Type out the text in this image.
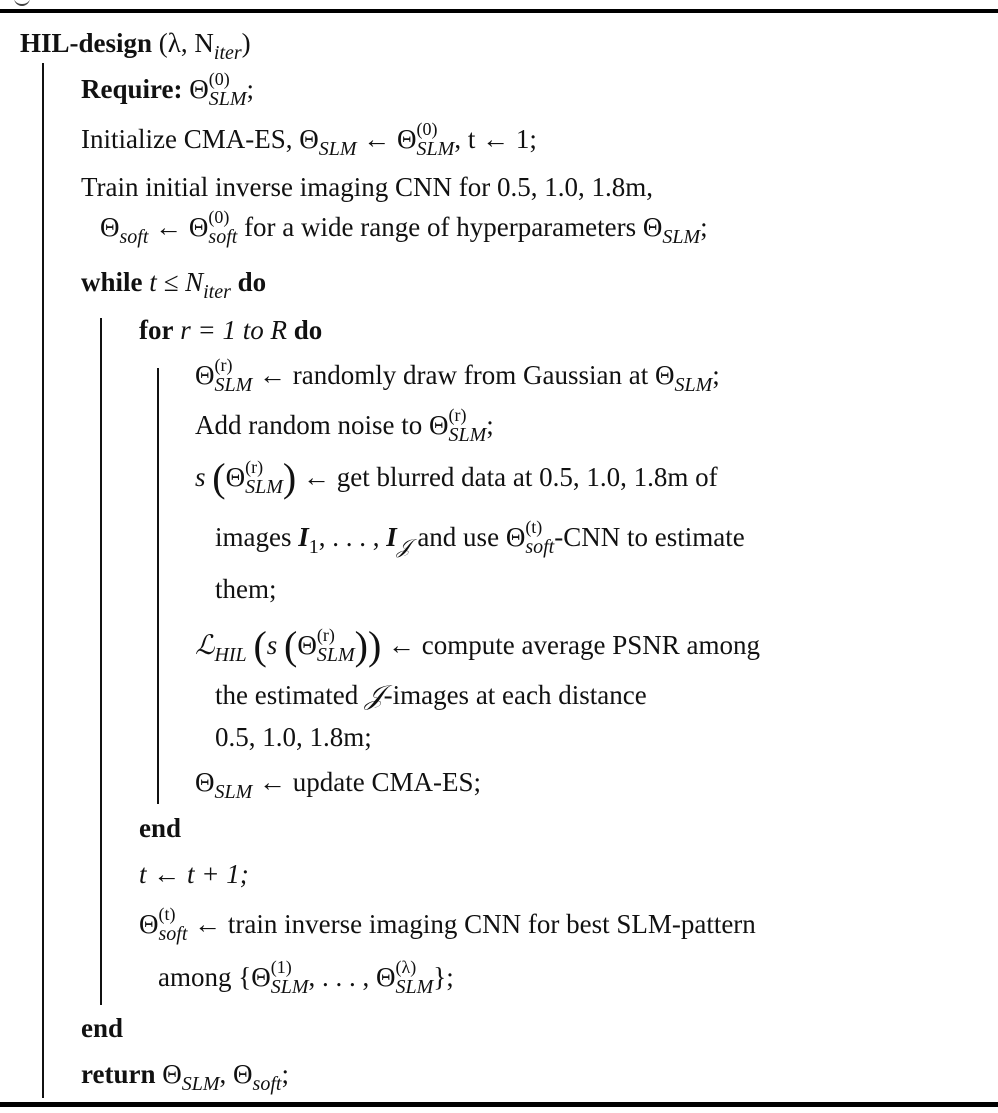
HIL-design (λ, $N_{iter}$)
Require: Θ (0)
SLM ;
Initialize CMA-ES, $\Theta_{SLM}$ ← Θ (0)
SLM , t ← 1;
Train initial inverse imaging CNN for 0.5, 1.0, 1.8m,
$\Theta_{soft}$ ← Θ (0)
soft for a wide range of hyperparameters $\Theta_{SLM}$;
while $t \le N_{iter}$ do
for r = 1 to R do
Θ (r)
SLM ← randomly draw from Gaussian at $\Theta_{SLM}$;
Add random noise to Θ (r)
SLM ;
s (Θ (r)
SLM ) ← get blurred data at 0.5, 1.0, 1.8m of
images $I_1$, . . . , $I_𝒥$ and use Θ (t)
soft -CNN to estimate
them;
ℒ$_{HIL}$ (s (Θ (r)
SLM )) ← compute average PSNR among
the estimated 𝒥-images at each distance
0.5, 1.0, 1.8m;
$\Theta_{SLM}$ ← update CMA-ES;
end
t ← t + 1;
Θ (t)
soft ← train inverse imaging CNN for best SLM-pattern
among {Θ (1)
SLM , . . . , Θ (λ)
SLM };
end
return $\Theta_{SLM}$, $\Theta_{soft}$;
